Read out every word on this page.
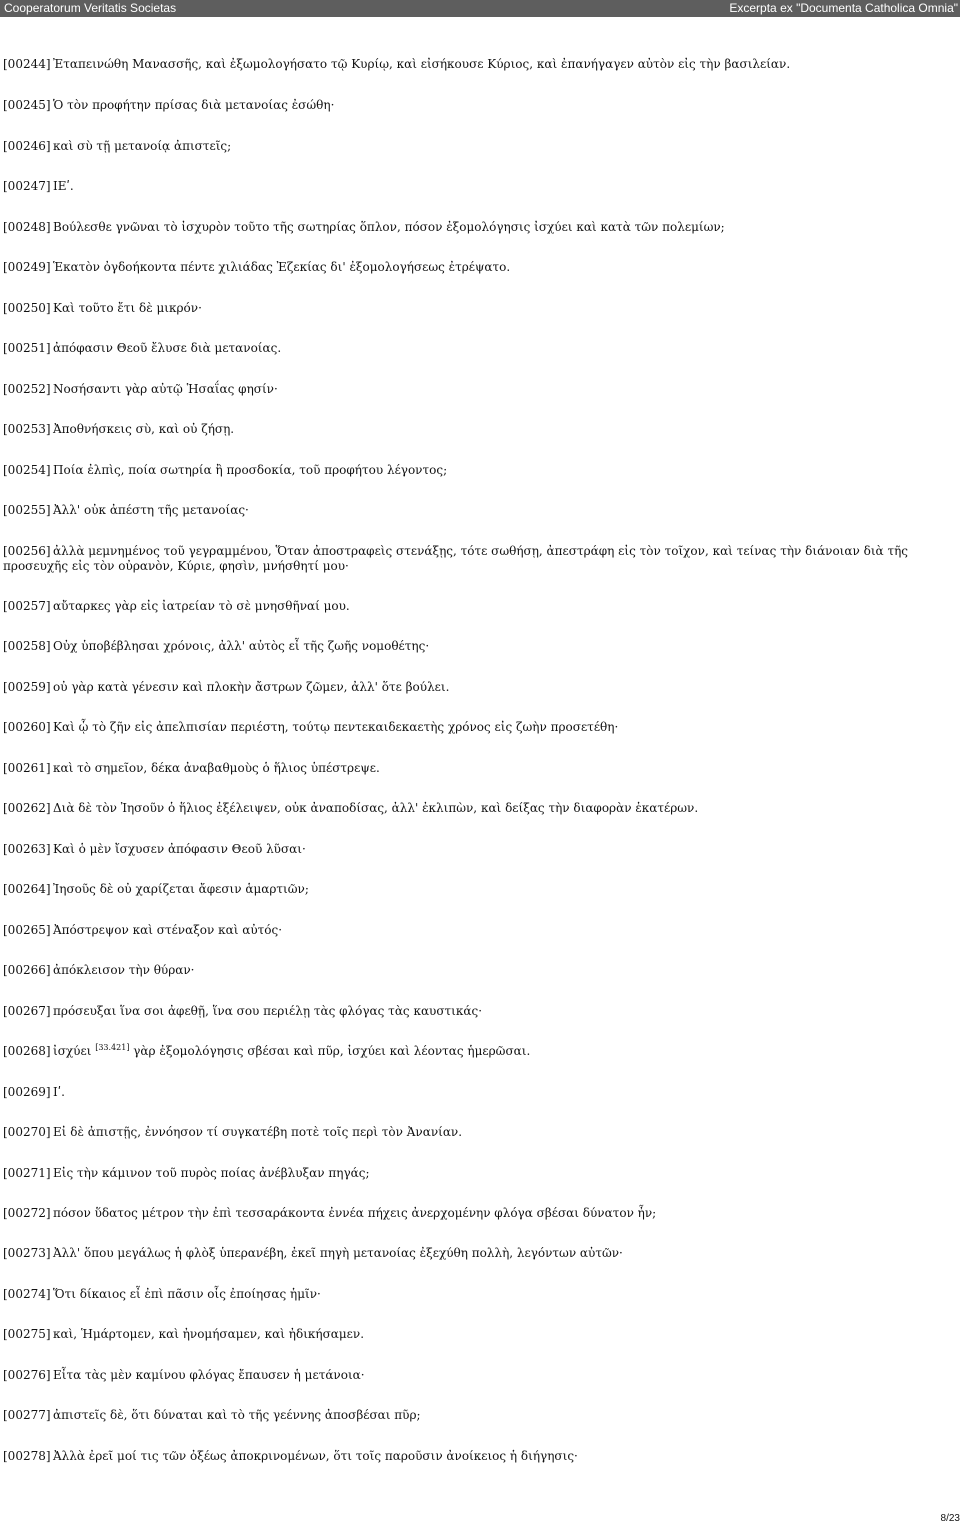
Cooperatorum Veritatis Societas	Excerpta ex "Documenta Catholica Omnia"

[00244] Ἐταπεινώθη Μανασσῆς, καὶ ἐξωμολογήσατο τῷ Κυρίῳ, καὶ εἰσήκουσε Κύριος, καὶ ἐπανήγαγεν αὐτὸν εἰς τὴν βασιλείαν.

[00245] Ὁ τὸν προφήτην πρίσας διὰ μετανοίας ἐσώθη·

[00246] καὶ σὺ τῇ μετανοίᾳ ἀπιστεῖς;

[00247] ΙΕʹ.

[00248] Βούλεσθε γνῶναι τὸ ἰσχυρὸν τοῦτο τῆς σωτηρίας ὅπλον, πόσον ἐξομολόγησις ἰσχύει καὶ κατὰ τῶν πολεμίων;

[00249] Ἑκατὸν ὀγδοήκοντα πέντε χιλιάδας Ἐζεκίας δι' ἐξομολογήσεως ἐτρέψατο.

[00250] Καὶ τοῦτο ἔτι δὲ μικρόν·

[00251] ἀπόφασιν Θεοῦ ἔλυσε διὰ μετανοίας.

[00252] Νοσήσαντι γὰρ αὐτῷ Ἡσαΐας φησίν·

[00253] Ἀποθνήσκεις σὺ, καὶ οὐ ζήσῃ.

[00254] Ποία ἐλπὶς, ποία σωτηρία ἢ προσδοκία, τοῦ προφήτου λέγοντος;

[00255] Ἀλλ' οὐκ ἀπέστη τῆς μετανοίας·

[00256] ἀλλὰ μεμνημένος τοῦ γεγραμμένου, Ὅταν ἀποστραφεὶς στενάξῃς, τότε σωθήσῃ, ἀπεστράφη εἰς τὸν τοῖχον, καὶ τείνας τὴν διάνοιαν διὰ τῆς προσευχῆς εἰς τὸν οὐρανὸν, Κύριε, φησὶν, μνήσθητί μου·

[00257] αὔταρκες γὰρ εἰς ἰατρείαν τὸ σὲ μνησθῆναί μου.

[00258] Οὐχ ὑποβέβλησαι χρόνοις, ἀλλ' αὐτὸς εἶ τῆς ζωῆς νομοθέτης·

[00259] οὐ γὰρ κατὰ γένεσιν καὶ πλοκὴν ἄστρων ζῶμεν, ἀλλ' ὅτε βούλει.

[00260] Καὶ ᾧ τὸ ζῆν εἰς ἀπελπισίαν περιέστη, τούτῳ πεντεκαιδεκαετὴς χρόνος εἰς ζωὴν προσετέθη·

[00261] καὶ τὸ σημεῖον, δέκα ἀναβαθμοὺς ὁ ἥλιος ὑπέστρεψε.

[00262] Διὰ δὲ τὸν Ἰησοῦν ὁ ἥλιος ἐξέλειψεν, οὐκ ἀναποδίσας, ἀλλ' ἐκλιπὼν, καὶ δείξας τὴν διαφορὰν ἑκατέρων.

[00263] Καὶ ὁ μὲν ἴσχυσεν ἀπόφασιν Θεοῦ λῦσαι·

[00264] Ἰησοῦς δὲ οὐ χαρίζεται ἄφεσιν ἁμαρτιῶν;

[00265] Ἀπόστρεψον καὶ στέναξον καὶ αὐτός·

[00266] ἀπόκλεισον τὴν θύραν·

[00267] πρόσευξαι ἵνα σοι ἀφεθῇ, ἵνα σου περιέλῃ τὰς φλόγας τὰς καυστικάς·

[00268] ἰσχύει [33.421] γὰρ ἐξομολόγησις σβέσαι καὶ πῦρ, ἰσχύει καὶ λέοντας ἡμερῶσαι.

[00269] Ιʹ.

[00270] Εἰ δὲ ἀπιστῇς, ἐννόησον τί συγκατέβη ποτὲ τοῖς περὶ τὸν Ἀνανίαν.

[00271] Εἰς τὴν κάμινον τοῦ πυρὸς ποίας ἀνέβλυξαν πηγάς;

[00272] πόσον ὕδατος μέτρον τὴν ἐπὶ τεσσαράκοντα ἐννέα πήχεις ἀνερχομένην φλόγα σβέσαι δύνατον ἦν;

[00273] Ἀλλ' ὅπου μεγάλως ἡ φλὸξ ὑπερανέβη, ἐκεῖ πηγὴ μετανοίας ἐξεχύθη πολλὴ, λεγόντων αὐτῶν·

[00274] Ὅτι δίκαιος εἶ ἐπὶ πᾶσιν οἷς ἐποίησας ἡμῖν·

[00275] καὶ, Ἡμάρτομεν, καὶ ἠνομήσαμεν, καὶ ἠδικήσαμεν.

[00276] Εἶτα τὰς μὲν καμίνου φλόγας ἔπαυσεν ἡ μετάνοια·

[00277] ἀπιστεῖς δὲ, ὅτι δύναται καὶ τὸ τῆς γεέννης ἀποσβέσαι πῦρ;

[00278] Ἀλλὰ ἐρεῖ μοί τις τῶν ὀξέως ἀποκρινομένων, ὅτι τοῖς παροῦσιν ἀνοίκειος ἡ διήγησις·

8/23
